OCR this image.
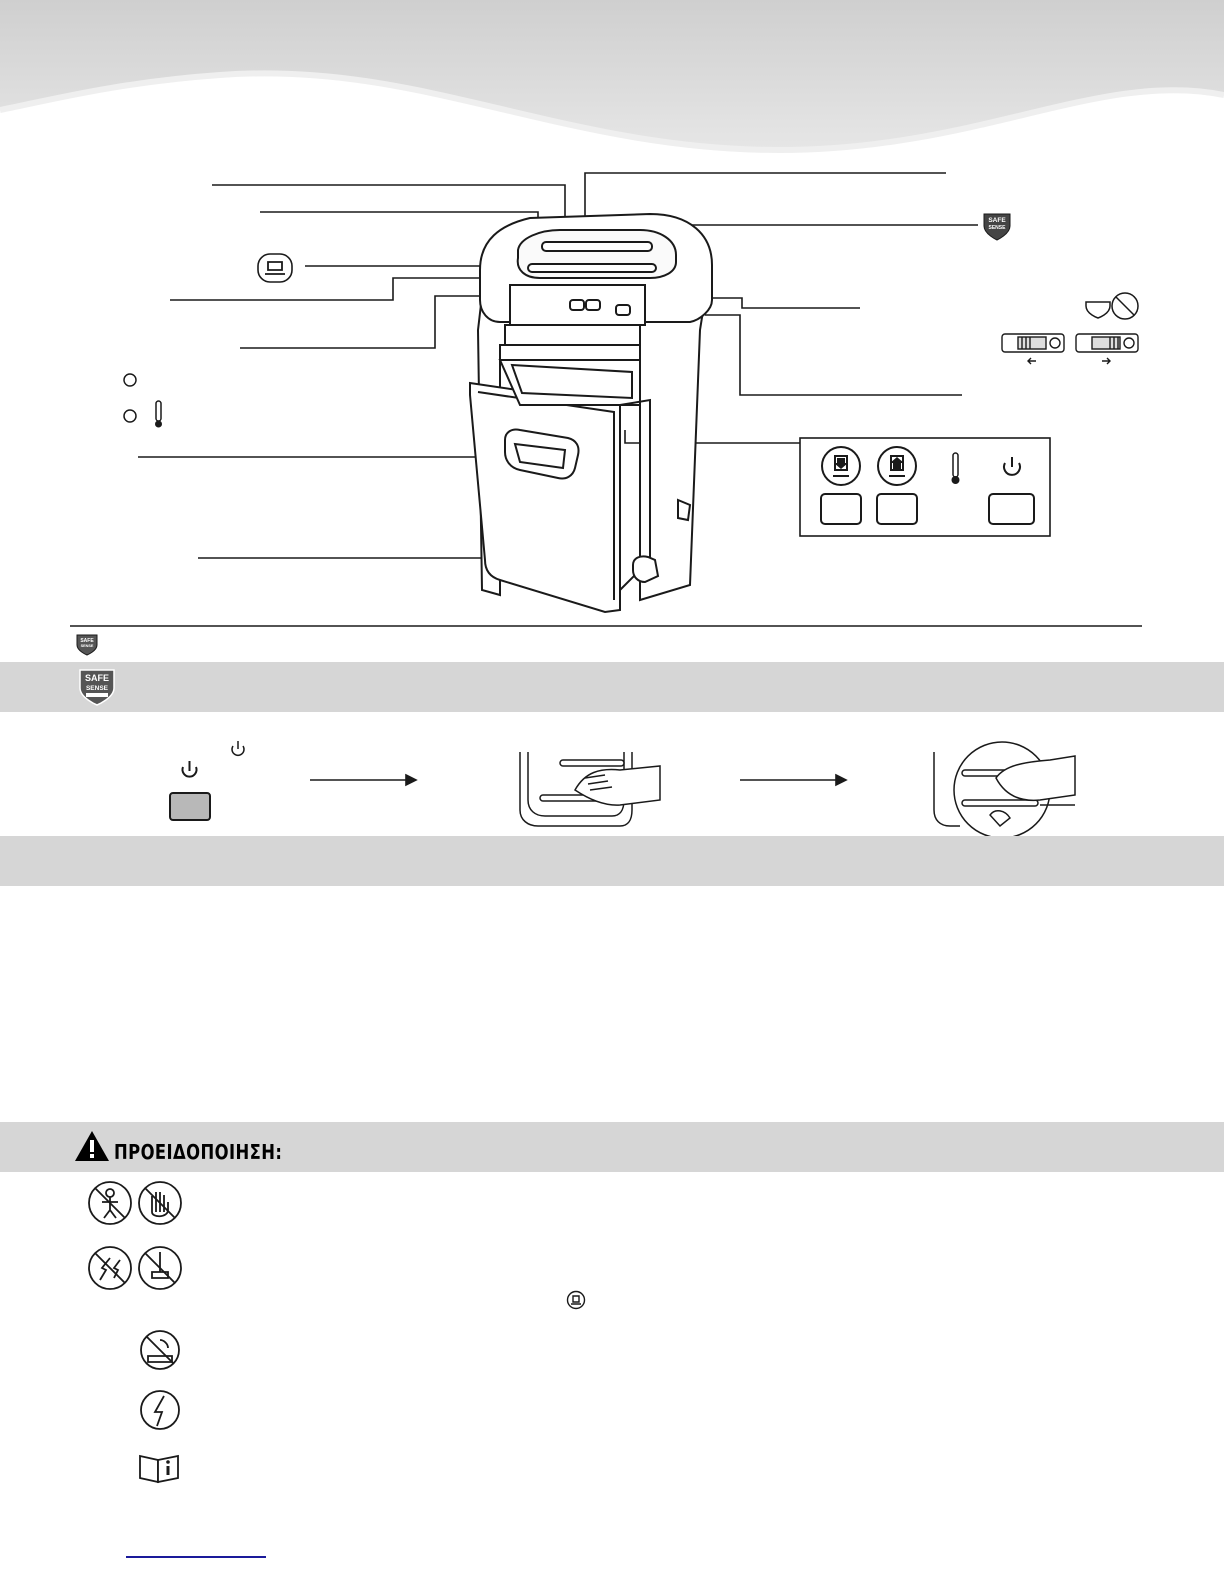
SAFE
SENSE
SAFE
SENSE
SAFE
SENSE
ΠΡΟΕΙΔΟΠΟΙΗΣΗ:
